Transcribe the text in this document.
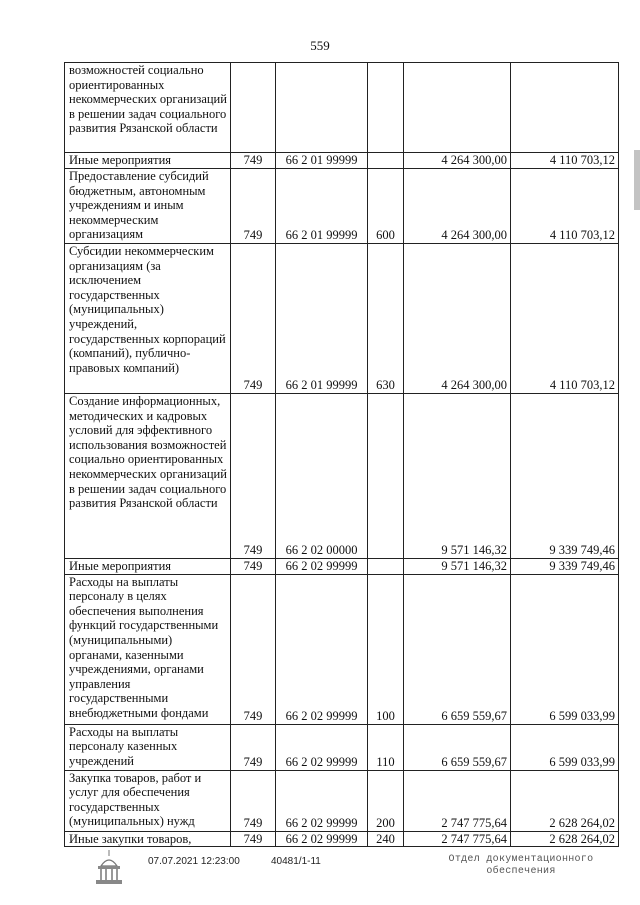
559
возможностей социально ориентированных некоммерческих организаций в решении задач социального развития Рязанской области					
Иные мероприятия	749	66 2 01 99999		4 264 300,00	4 110 703,12
Предоставление субсидий бюджетным, автономным учреждениям и иным некоммерческим организациям	749	66 2 01 99999	600	4 264 300,00	4 110 703,12
Субсидии некоммерческим организациям (за исключением государственных (муниципальных) учреждений, государственных корпораций (компаний), публично-правовых компаний)	749	66 2 01 99999	630	4 264 300,00	4 110 703,12
Создание информационных, методических и кадровых условий для эффективного использования возможностей социально ориентированных некоммерческих организаций в решении задач социального развития Рязанской области	749	66 2 02 00000		9 571 146,32	9 339 749,46
Иные мероприятия	749	66 2 02 99999		9 571 146,32	9 339 749,46
Расходы на выплаты персоналу в целях обеспечения выполнения функций государственными (муниципальными) органами, казенными учреждениями, органами управления государственными внебюджетными фондами	749	66 2 02 99999	100	6 659 559,67	6 599 033,99
Расходы на выплаты персоналу казенных учреждений	749	66 2 02 99999	110	6 659 559,67	6 599 033,99
Закупка товаров, работ и услуг для обеспечения государственных (муниципальных) нужд	749	66 2 02 99999	200	2 747 775,64	2 628 264,02
Иные закупки товаров,	749	66 2 02 99999	240	2 747 775,64	2 628 264,02
07.07.2021 12:23:00	40481/1-11	Отдел документационного
обеспечения
